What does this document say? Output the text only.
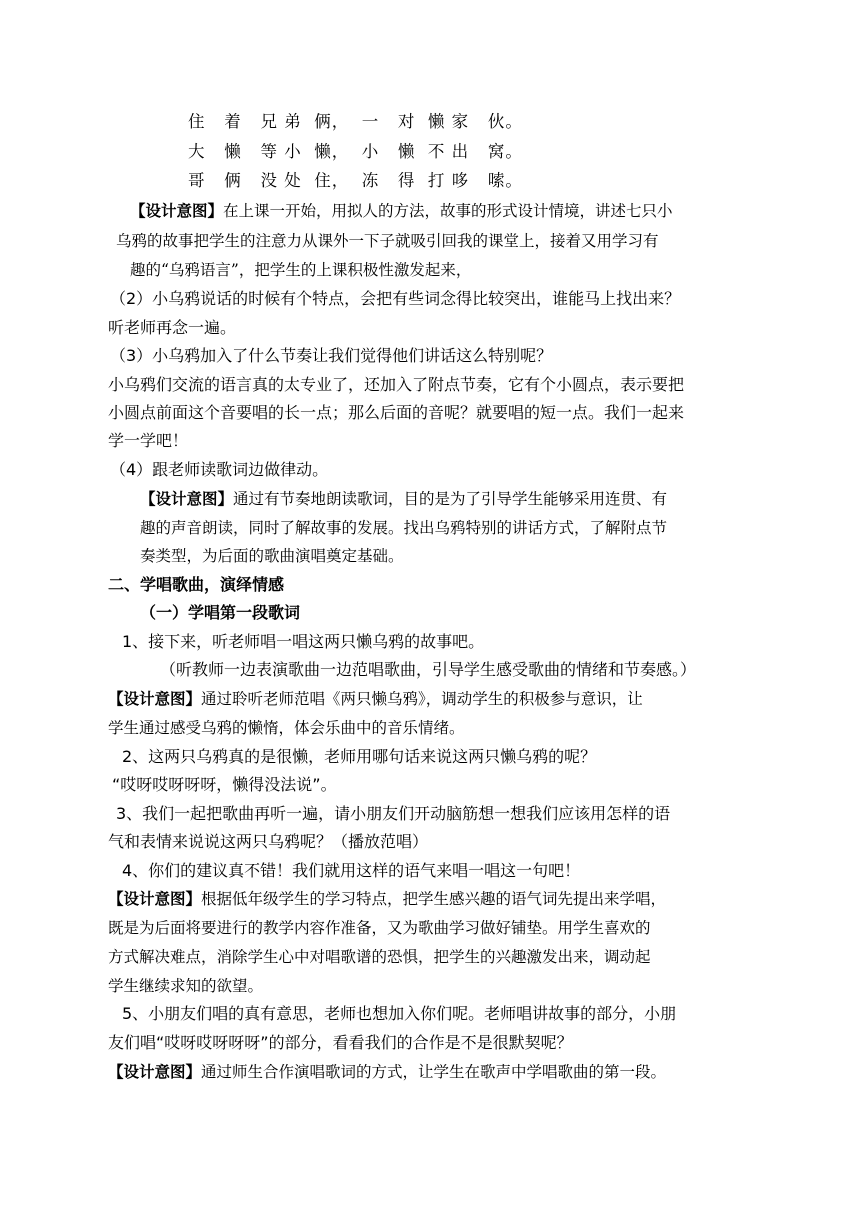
住   着   兄 弟  俩，  一   对  懒 家   伙。
大   懒   等 小  懒，  小   懒  不 出   窝。
哥   俩   没 处  住，  冻   得  打 哆   嗦。
【设计意图】在上课一开始，用拟人的方法，故事的形式设计情境，讲述七只小
乌鸦的故事把学生的注意力从课外一下子就吸引回我的课堂上，接着又用学习有
趣的“乌鸦语言”，把学生的上课积极性激发起来，
（2）小乌鸦说话的时候有个特点，会把有些词念得比较突出，谁能马上找出来？
听老师再念一遍。
（3）小乌鸦加入了什么节奏让我们觉得他们讲话这么特别呢？
小乌鸦们交流的语言真的太专业了，还加入了附点节奏，它有个小圆点，表示要把
小圆点前面这个音要唱的长一点；那么后面的音呢？就要唱的短一点。我们一起来
学一学吧！
（4）跟老师读歌词边做律动。
【设计意图】通过有节奏地朗读歌词，目的是为了引导学生能够采用连贯、有
趣的声音朗读，同时了解故事的发展。找出乌鸦特别的讲话方式，了解附点节
奏类型，为后面的歌曲演唱奠定基础。
二、学唱歌曲，演绎情感
（一）学唱第一段歌词
1、接下来，听老师唱一唱这两只懒乌鸦的故事吧。
（听教师一边表演歌曲一边范唱歌曲，引导学生感受歌曲的情绪和节奏感。）
【设计意图】通过聆听老师范唱《两只懒乌鸦》，调动学生的积极参与意识，让
学生通过感受乌鸦的懒惰，体会乐曲中的音乐情绪。
2、这两只乌鸦真的是很懒，老师用哪句话来说这两只懒乌鸦的呢？
“哎呀哎呀呀呀，懒得没法说”。
3、我们一起把歌曲再听一遍，请小朋友们开动脑筋想一想我们应该用怎样的语
气和表情来说说这两只乌鸦呢？（播放范唱）
4、你们的建议真不错！我们就用这样的语气来唱一唱这一句吧！
【设计意图】根据低年级学生的学习特点，把学生感兴趣的语气词先提出来学唱，
既是为后面将要进行的教学内容作准备，又为歌曲学习做好铺垫。用学生喜欢的
方式解决难点，消除学生心中对唱歌谱的恐惧，把学生的兴趣激发出来，调动起
学生继续求知的欲望。
5、小朋友们唱的真有意思，老师也想加入你们呢。老师唱讲故事的部分，小朋
友们唱“哎呀哎呀呀呀”的部分，看看我们的合作是不是很默契呢？
【设计意图】通过师生合作演唱歌词的方式，让学生在歌声中学唱歌曲的第一段。
